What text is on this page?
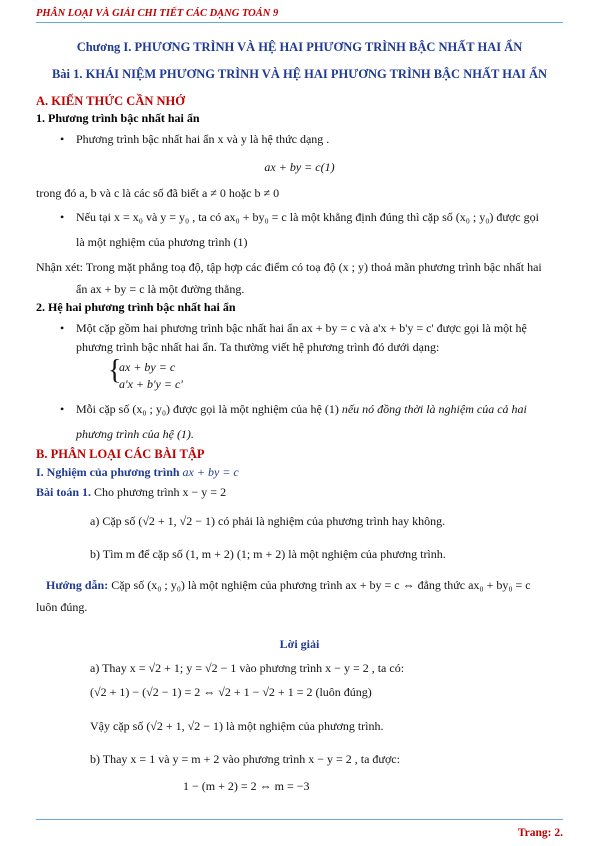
PHÂN LOẠI VÀ GIẢI CHI TIẾT CÁC DẠNG TOÁN 9
Chương I. PHƯƠNG TRÌNH VÀ HỆ HAI PHƯƠNG TRÌNH BẬC NHẤT HAI ẨN
Bài 1. KHÁI NIỆM PHƯƠNG TRÌNH VÀ HỆ HAI PHƯƠNG TRÌNH BẬC NHẤT HAI ẨN
A. KIẾN THỨC CẦN NHỚ
1. Phương trình bậc nhất hai ẩn
• Phương trình bậc nhất hai ẩn x và y là hệ thức dạng .
ax + by = c(1)
trong đó a, b và c là các số đã biết a ≠ 0 hoặc b ≠ 0
• Nếu tại x = x₀ và y = y₀ , ta có ax₀ + by₀ = c là một khẳng định đúng thì cặp số (x₀ ; y₀) được gọi
là một nghiệm của phương trình (1)
Nhận xét: Trong mặt phẳng toạ độ, tập hợp các điểm có toạ độ (x ; y) thoả mãn phương trình bậc nhất hai
ẩn ax + by = c là một đường thẳng.
2. Hệ hai phương trình bậc nhất hai ẩn
• Một cặp gồm hai phương trình bậc nhất hai ẩn ax + by = c và a'x + b'y = c' được gọi là một hệ
phương trình bậc nhất hai ẩn. Ta thường viết hệ phương trình đó dưới dạng:
{
ax + by = c
a'x + b'y = c'
• Mỗi cặp số (x₀ ; y₀) được gọi là một nghiệm của hệ (1) nếu nó đồng thời là nghiệm của cả hai
phương trình của hệ (1).
B. PHÂN LOẠI CÁC BÀI TẬP
I. Nghiệm của phương trình ax + by = c
Bài toán 1. Cho phương trình x − y = 2
a) Cặp số (√2 + 1, √2 − 1) có phải là nghiệm của phương trình hay không.
b) Tìm m để cặp số (1, m + 2) (1; m + 2) là một nghiệm của phương trình.
Hướng dẫn: Cặp số (x₀ ; y₀) là một nghiệm của phương trình ax + by = c ⇔ đẳng thức ax₀ + by₀ = c
luôn đúng.
Lời giải
a) Thay x = √2 + 1; y = √2 − 1 vào phương trình x − y = 2 , ta có:
(√2 + 1) − (√2 − 1) = 2 ⇔ √2 + 1 − √2 + 1 = 2 (luôn đúng)
Vậy cặp số (√2 + 1, √2 − 1) là một nghiệm của phương trình.
b) Thay x = 1 và y = m + 2 vào phương trình x − y = 2 , ta được:
1 − (m + 2) = 2 ⇔ m = −3
Trang: 2.
